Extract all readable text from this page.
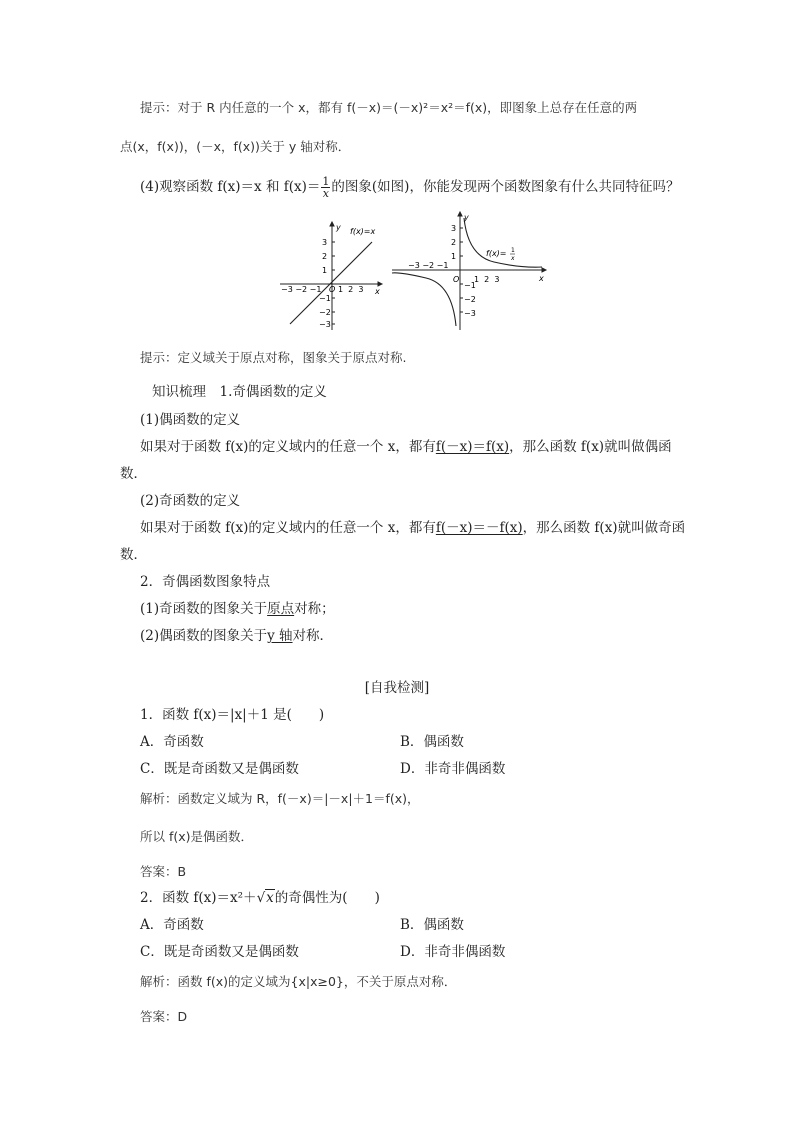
提示：对于 R 内任意的一个 x，都有 f(－x)＝(－x)²＝x²＝f(x)，即图象上总存在任意的两
点(x，f(x))，(－x，f(x))关于 y 轴对称．
(4)观察函数 f(x)＝x 和 $f(x)= \frac{1}{x}$ 的图象(如图)，你能发现两个函数图象有什么共同特征吗？
y f(x)=x
x
−3 −2 −1 O 1  2  3
3
2
1
−1
−2
−3
y
f(x)= 1
x
x
−3 −2 −1
O 1  2  3
3
2
1
−1
−2
−3
提示：定义域关于原点对称，图象关于原点对称.
知识梳理　1.奇偶函数的定义
(1)偶函数的定义
如果对于函数 f(x)的定义域内的任意一个 x，都有f(－x)＝f(x)，那么函数 f(x)就叫做偶函
数．
(2)奇函数的定义
如果对于函数 f(x)的定义域内的任意一个 x，都有f(－x)＝－f(x)，那么函数 f(x)就叫做奇函
数．
2．奇偶函数图象特点
(1)奇函数的图象关于原点对称；
(2)偶函数的图象关于y 轴对称．
[自我检测]
1．函数 f(x)＝|x|＋1 是(　　)
A．奇函数	B．偶函数
C．既是奇函数又是偶函数	D．非奇非偶函数
解析：函数定义域为 R，f(－x)＝|－x|＋1＝f(x)，
所以 f(x)是偶函数．
答案：B
2．函数 f(x)＝x²＋√x的奇偶性为(　　)
A．奇函数	B．偶函数
C．既是奇函数又是偶函数	D．非奇非偶函数
解析：函数 f(x)的定义域为{x|x≥0}，不关于原点对称．
答案：D
